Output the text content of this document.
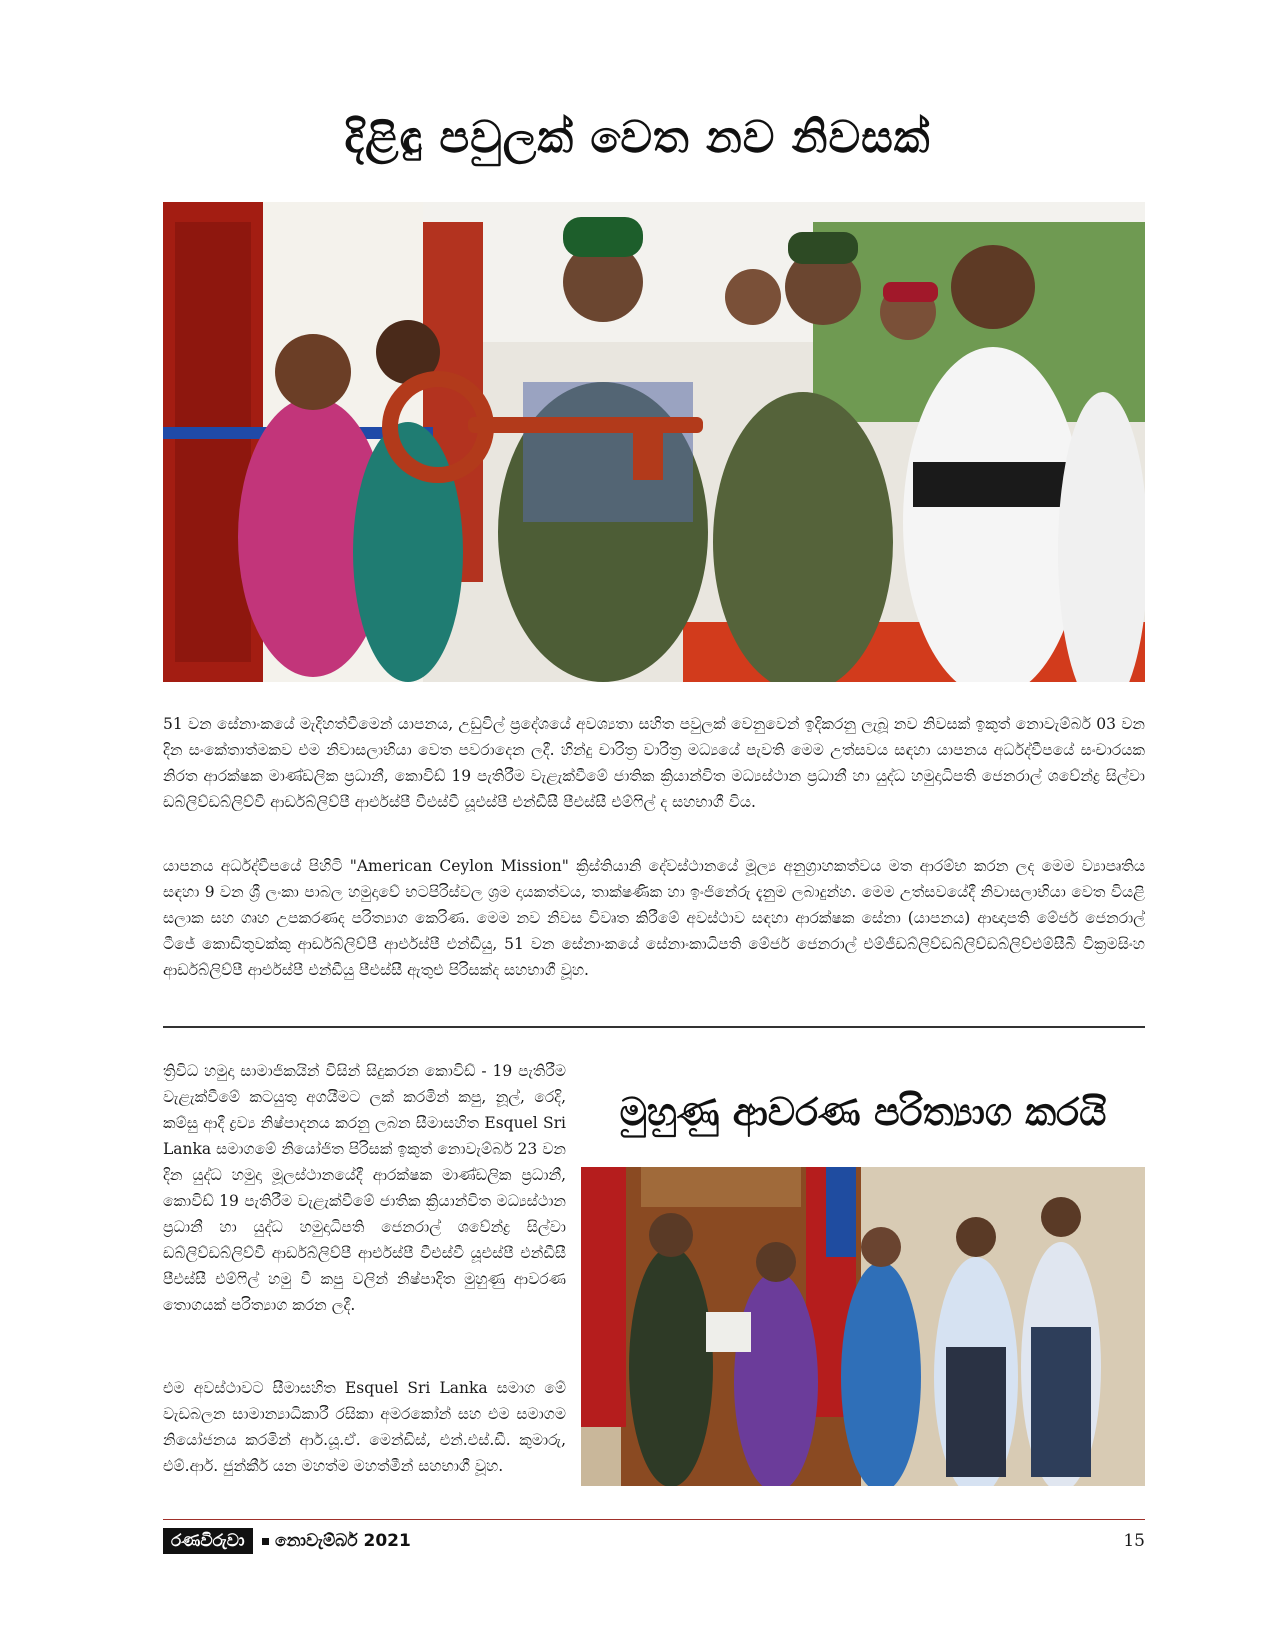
දිළිඳු පවුලක් වෙත නව නිවසක්

51 වන සේනාංකයේ මැදිහත්වීමෙන් යාපනය, උඩුවිල් ප්‍රදේශයේ අවශ්‍යතා සහිත පවුලක් වෙනුවෙන් ඉදිකරනු ලැබූ නව නිවසක් ඉකුත් නොවැම්බර් 03 වන දින සංකේතාත්මකව එම නිවාසලාභියා වෙත පවරාදෙන ලදී. හින්දු චාරිත්‍ර වාරිත්‍ර මධ්‍යයේ පැවති මෙම උත්සවය සඳහා යාපනය අර්ධද්වීපයේ සංචාරයක නිරත ආරක්ෂක මාණ්ඩලික ප්‍රධානී, කොවිඩ් 19 පැතිරීම වැළැක්වීමේ ජාතික ක්‍රියාන්විත මධ්‍යස්ථාන ප්‍රධානී හා යුද්ධ හමුදාධිපති ජෙනරාල් ශවේන්ද්‍ර සිල්වා ඩබ්ලිව්ඩබ්ලිව්වී ආර්ඩබ්ලිව්පී ආර්එස්පී වීඑස්වී යූඑස්පී එන්ඩීසී පීඑස්සී එම්ෆිල් ද සහභාගී විය.

යාපනය අර්ධද්වීපයේ පිහිටි "American Ceylon Mission" ක්‍රිස්තියානි දේවස්ථානයේ මූල්‍ය අනුග්‍රාහකත්වය මත ආරම්භ කරන ලද මෙම ව්‍යාපෘතිය සඳහා 9 වන ශ්‍රී ලංකා පාබල හමුදාවේ භටපිරිස්වල ශ්‍රම දායකත්වය, තාක්ෂණික හා ඉංජිනේරු දැනුම ලබාදුන්හ. මෙම උත්සවයේදී නිවාසලාභියා වෙත වියළි සලාක සහ ගෘහ උපකරණද පරිත්‍යාග කෙරිණ. මෙම නව නිවස විවෘත කිරීමේ අවස්ථාව සඳහා ආරක්ෂක සේනා (යාපනය) ආඥාපති මේජර් ජෙනරාල් ටීජේ කොඩිතුවක්කු ආර්ඩබ්ලිව්පී ආර්එස්පී එන්ඩීයු, 51 වන සේනාංකයේ සේනාංකාධිපති මේජර් ජෙනරාල් එම්ජීඩබ්ලිව්ඩබ්ලිව්ඩබ්ලිව්එම්සීබී වික්‍රමසිංහ ආර්ඩබ්ලිව්පී ආර්එස්පී එන්ඩීයු පීඑස්සී ඇතුළු පිරිසක්ද සහභාගී වූහ.

ත්‍රිවිධ හමුදා සාමාජිකයින් විසින් සිදුකරන කොවිඩ් - 19 පැතිරීම වැළැක්වීමේ කටයුතු අගයීමට ලක් කරමින් කපු, නූල්, රෙදි, කම්සු ආදී ද්‍රව්‍ය නිෂ්පාදනය කරනු ලබන සීමාසහිත Esquel Sri Lanka සමාගමේ නියෝජිත පිරිසක් ඉකුත් නොවැම්බර් 23 වන දින යුද්ධ හමුදා මූලස්ථානයේදී ආරක්ෂක මාණ්ඩලික ප්‍රධානී, කොවිඩ් 19 පැතිරීම වැළැක්වීමේ ජාතික ක්‍රියාන්විත මධ්‍යස්ථාන ප්‍රධානී හා යුද්ධ හමුදාධිපති ජෙනරාල් ශවේන්ද්‍ර සිල්වා ඩබ්ලිව්ඩබ්ලිව්වී ආර්ඩබ්ලිව්පී ආර්එස්පී වීඑස්වී යූඑස්පී එන්ඩීසී පීඑස්සී එම්ෆිල් හමු වී කපු වලින් නිෂ්පාදිත මුහුණු ආවරණ තොගයක් පරිත්‍යාග කරන ලදී.

එම අවස්ථාවට සීමාසහිත Esquel Sri Lanka සමාග මේ වැඩබලන සාමාන්‍යාධිකාරී රසිකා අමරකෝන් සහ එම සමාගම නියෝජනය කරමින් ආර්.යූ.ඒ. මෙන්ඩිස්, එන්.එස්.ඩී. කුමාරු, එම්.ආර්. ජුන්කීර් යන මහත්ම මහත්මීන් සහභාගී වූහ.

මුහුණු ආවරණ පරිත්‍යාග කරයි
රණවිරුවා	නොවැම්බර් 2021	15
